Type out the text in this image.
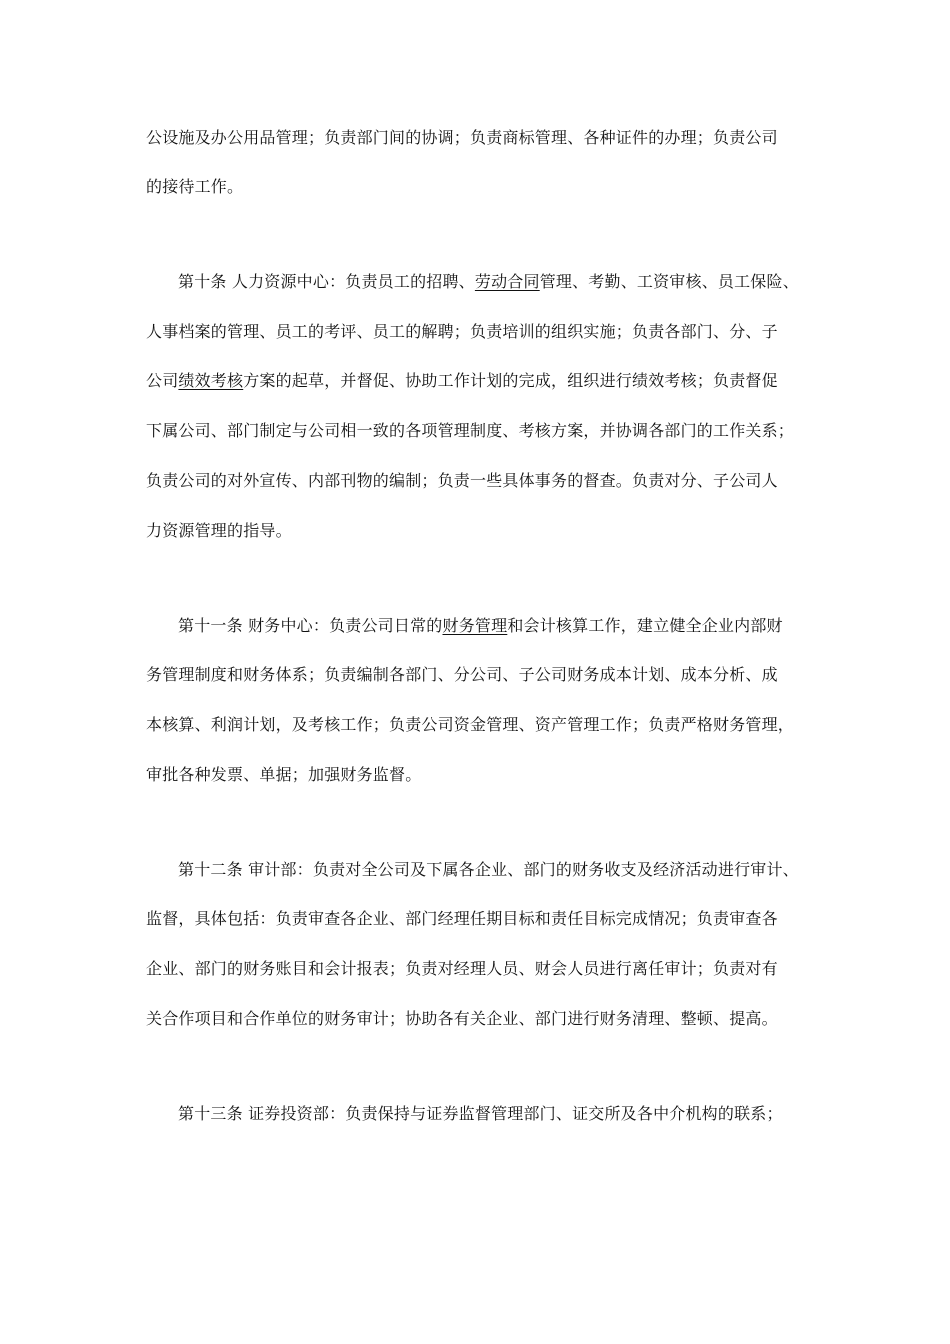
公设施及办公用品管理；负责部门间的协调；负责商标管理、各种证件的办理；负责公司
的接待工作。
第十条 人力资源中心：负责员工的招聘、劳动合同管理、考勤、工资审核、员工保险、
人事档案的管理、员工的考评、员工的解聘；负责培训的组织实施；负责各部门、分、子
公司绩效考核方案的起草，并督促、协助工作计划的完成，组织进行绩效考核；负责督促
下属公司、部门制定与公司相一致的各项管理制度、考核方案，并协调各部门的工作关系；
负责公司的对外宣传、内部刊物的编制；负责一些具体事务的督查。负责对分、子公司人
力资源管理的指导。
第十一条 财务中心：负责公司日常的财务管理和会计核算工作，建立健全企业内部财
务管理制度和财务体系；负责编制各部门、分公司、子公司财务成本计划、成本分析、成
本核算、利润计划，及考核工作；负责公司资金管理、资产管理工作；负责严格财务管理，
审批各种发票、单据；加强财务监督。
第十二条 审计部：负责对全公司及下属各企业、部门的财务收支及经济活动进行审计、
监督，具体包括：负责审查各企业、部门经理任期目标和责任目标完成情况；负责审查各
企业、部门的财务账目和会计报表；负责对经理人员、财会人员进行离任审计；负责对有
关合作项目和合作单位的财务审计；协助各有关企业、部门进行财务清理、整顿、提高。
第十三条 证券投资部：负责保持与证券监督管理部门、证交所及各中介机构的联系；
